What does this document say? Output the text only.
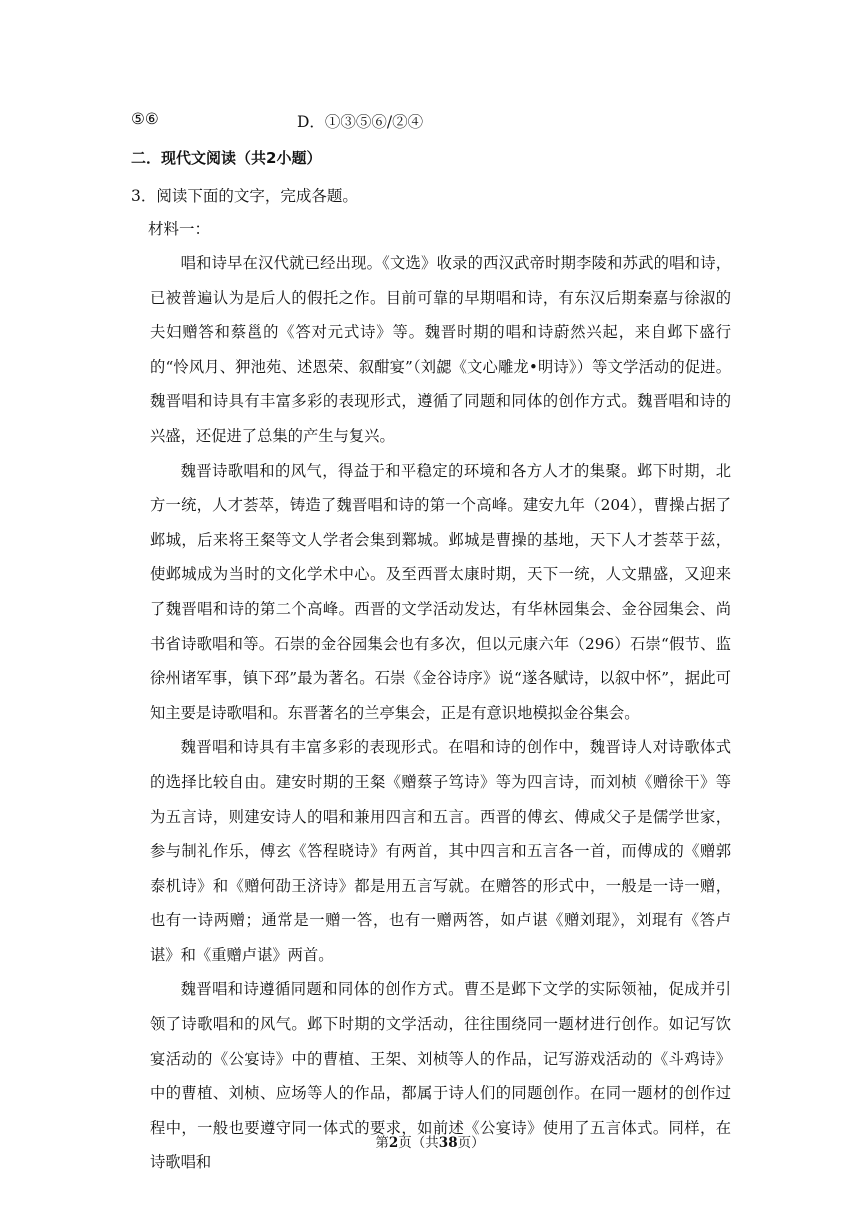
⑤⑥	D．①③⑤⑥/②④
二．现代文阅读（共2小题）
3．阅读下面的文字，完成各题。
材料一：

唱和诗早在汉代就已经出现。《文选》收录的西汉武帝时期李陵和苏武的唱和诗，已被普遍认为是后人的假托之作。目前可靠的早期唱和诗，有东汉后期秦嘉与徐淑的夫妇赠答和蔡邕的《答对元式诗》等。魏晋时期的唱和诗蔚然兴起，来自邺下盛行的“怜风月、狎池苑、述恩荣、叙酣宴”（刘勰《文心雕龙•明诗》）等文学活动的促进。魏晋唱和诗具有丰富多彩的表现形式，遵循了同题和同体的创作方式。魏晋唱和诗的兴盛，还促进了总集的产生与复兴。

魏晋诗歌唱和的风气，得益于和平稳定的环境和各方人才的集聚。邺下时期，北方一统，人才荟萃，铸造了魏晋唱和诗的第一个高峰。建安九年（204），曹操占据了邺城，后来将王粲等文人学者会集到鄴城。邺城是曹操的基地，天下人才荟萃于兹，使邺城成为当时的文化学术中心。及至西晋太康时期，天下一统，人文鼎盛，又迎来了魏晋唱和诗的第二个高峰。西晋的文学活动发达，有华林园集会、金谷园集会、尚书省诗歌唱和等。石崇的金谷园集会也有多次，但以元康六年（296）石崇“假节、监徐州诸军事，镇下邳”最为著名。石崇《金谷诗序》说“遂各赋诗，以叙中怀”，据此可知主要是诗歌唱和。东晋著名的兰亭集会，正是有意识地模拟金谷集会。

魏晋唱和诗具有丰富多彩的表现形式。在唱和诗的创作中，魏晋诗人对诗歌体式的选择比较自由。建安时期的王粲《赠蔡子笃诗》等为四言诗，而刘桢《赠徐干》等为五言诗，则建安诗人的唱和兼用四言和五言。西晋的傅玄、傅咸父子是儒学世家，参与制礼作乐，傅玄《答程晓诗》有两首，其中四言和五言各一首，而傅成的《赠郭泰机诗》和《赠何劭王济诗》都是用五言写就。在赠答的形式中，一般是一诗一赠，也有一诗两赠；通常是一赠一答，也有一赠两答，如卢谌《赠刘琨》，刘琨有《答卢谌》和《重赠卢谌》两首。

魏晋唱和诗遵循同题和同体的创作方式。曹丕是邺下文学的实际领袖，促成并引领了诗歌唱和的风气。邺下时期的文学活动，往往围绕同一题材进行创作。如记写饮宴活动的《公宴诗》中的曹植、王架、刘桢等人的作品，记写游戏活动的《斗鸡诗》中的曹植、刘桢、应场等人的作品，都属于诗人们的同题创作。在同一题材的创作过程中，一般也要遵守同一体式的要求，如前述《公宴诗》使用了五言体式。同样，在诗歌唱和

第2页（共38页）
